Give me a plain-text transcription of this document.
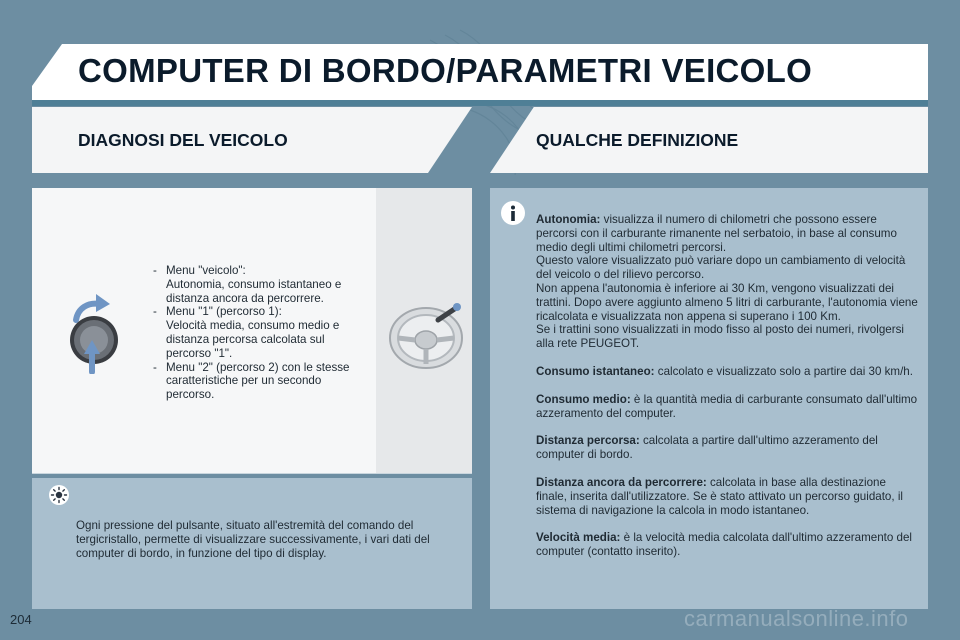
COMPUTER DI BORDO/PARAMETRI VEICOLO
DIAGNOSI DEL VEICOLO	QUALCHE DEFINIZIONE
- Menu "veicolo":
Autonomia, consumo istantaneo e distanza ancora da percorrere.
- Menu "1" (percorso 1):
Velocità media, consumo medio e distanza percorsa calcolata sul percorso "1".
- Menu "2" (percorso 2) con le stesse caratteristiche per un secondo percorso.

Ogni pressione del pulsante, situato all'estremità del comando del tergicristallo, permette di visualizzare successivamente, i vari dati del computer di bordo, in funzione del tipo di display.

Autonomia: visualizza il numero di chilometri che possono essere percorsi con il carburante rimanente nel serbatoio, in base al consumo medio degli ultimi chilometri percorsi.
Questo valore visualizzato può variare dopo un cambiamento di velocità del veicolo o del rilievo percorso.
Non appena l'autonomia è inferiore ai 30 Km, vengono visualizzati dei trattini. Dopo avere aggiunto almeno 5 litri di carburante, l'autonomia viene ricalcolata e visualizzata non appena si superano i 100 Km.
Se i trattini sono visualizzati in modo fisso al posto dei numeri, rivolgersi alla rete PEUGEOT.

Consumo istantaneo: calcolato e visualizzato solo a partire dai 30 km/h.

Consumo medio: è la quantità media di carburante consumato dall'ultimo azzeramento del computer.

Distanza percorsa: calcolata a partire dall'ultimo azzeramento del computer di bordo.

Distanza ancora da percorrere: calcolata in base alla destinazione finale, inserita dall'utilizzatore. Se è stato attivato un percorso guidato, il sistema di navigazione la calcola in modo istantaneo.

Velocità media: è la velocità media calcolata dall'ultimo azzeramento del computer (contatto inserito).

204	carmanualsonline.info
